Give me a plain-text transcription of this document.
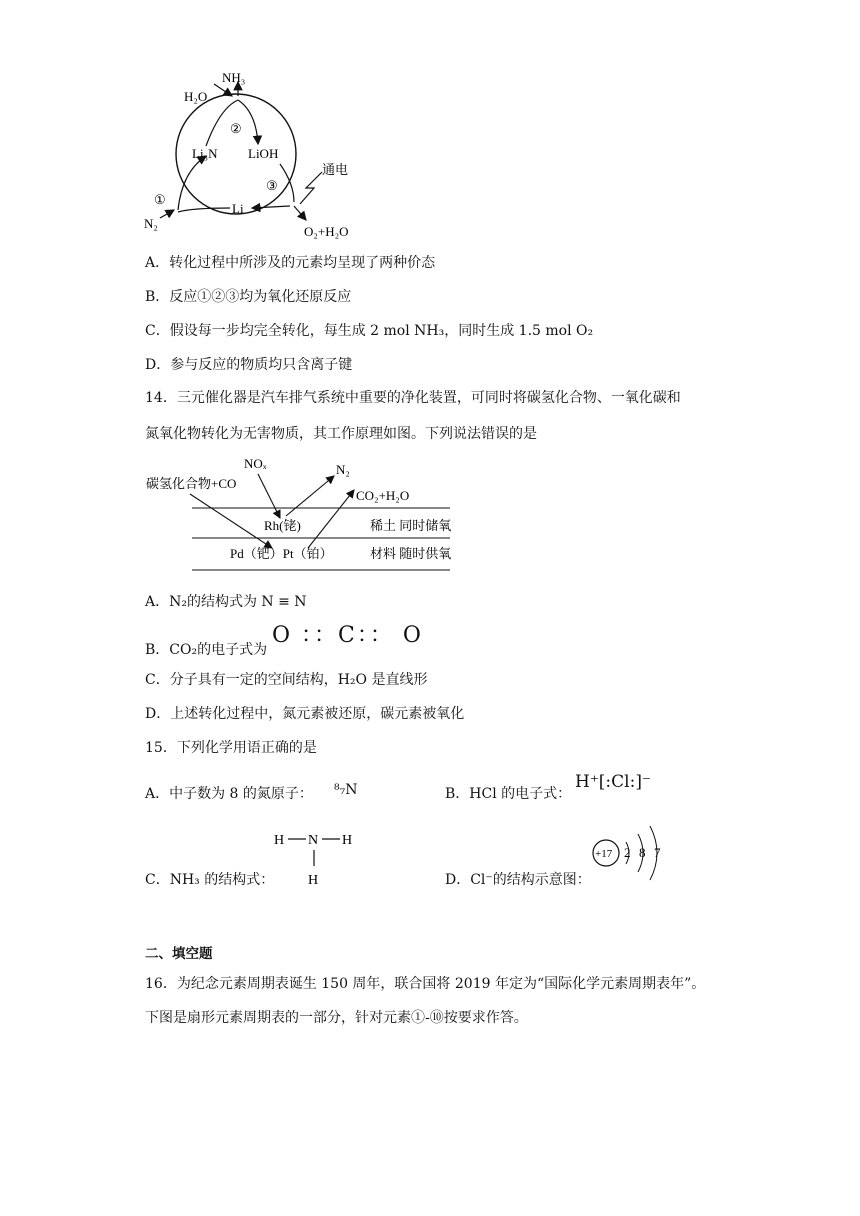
NH₃
H₂O
②
Li₃N LiOH
③
通电
Li
①
N₂
O₂+H₂O
A．转化过程中所涉及的元素均呈现了两种价态
B．反应①②③均为氧化还原反应
C．假设每一步均完全转化，每生成 2 mol NH₃，同时生成 1.5 mol O₂
D．参与反应的物质均只含离子键
14．三元催化器是汽车排气系统中重要的净化装置，可同时将碳氢化合物、一氧化碳和
氮氧化物转化为无害物质，其工作原理如图。下列说法错误的是
碳氢化合物+CO
NOₓ	N₂
CO₂+H₂O
Rh(铑)	稀土 同时储氧
Pd（钯）Pt（铂）	材料 随时供氧
A．N₂的结构式为 N ≡ N
B．CO₂的电子式为
O ：：C：： O
C．分子具有一定的空间结构，H₂O 是直线形
D．上述转化过程中，氮元素被还原，碳元素被氧化
15．下列化学用语正确的是
A．中子数为 8 的氮原子： ⁸₇N	B．HCl 的电子式：
H⁺[:Cl:]⁻
C．NH₃ 的结构式：
H N H
H	D．Cl⁻的结构示意图：
+17 2 8 7
二、填空题
16．为纪念元素周期表诞生 150 周年，联合国将 2019 年定为“国际化学元素周期表年”。
下图是扇形元素周期表的一部分，针对元素①-⑩按要求作答。
